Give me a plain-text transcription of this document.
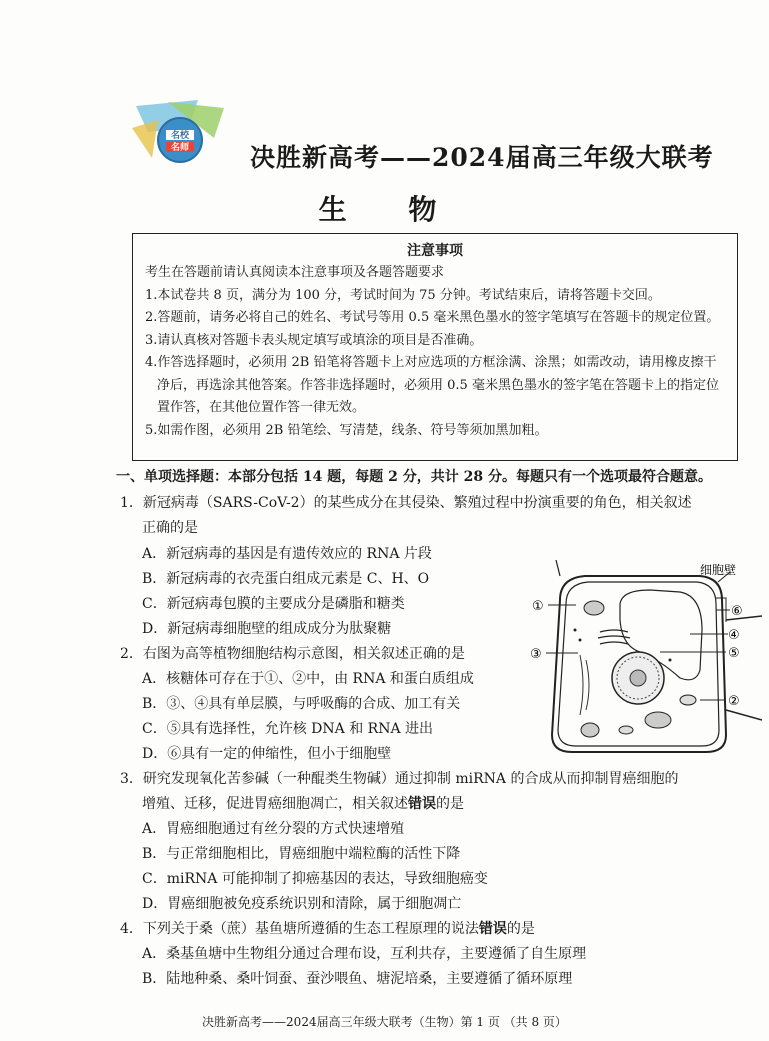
名校
名师 决胜新高考——2024届高三年级大联考
生 物
注意事项

考生在答题前请认真阅读本注意事项及各题答题要求

1.本试卷共 8 页，满分为 100 分，考试时间为 75 分钟。考试结束后，请将答题卡交回。

2.答题前，请务必将自己的姓名、考试号等用 0.5 毫米黑色墨水的签字笔填写在答题卡的规定位置。

3.请认真核对答题卡表头规定填写或填涂的项目是否准确。

4.作答选择题时，必须用 2B 铅笔将答题卡上对应选项的方框涂满、涂黑；如需改动，请用橡皮擦干净后，再选涂其他答案。作答非选择题时，必须用 0.5 毫米黑色墨水的签字笔在答题卡上的指定位置作答，在其他位置作答一律无效。

5.如需作图，必须用 2B 铅笔绘、写清楚，线条、符号等须加黑加粗。

一、单项选择题：本部分包括 14 题，每题 2 分，共计 28 分。每题只有一个选项最符合题意。
1．新冠病毒（SARS-CoV-2）的某些成分在其侵染、繁殖过程中扮演重要的角色，相关叙述
正确的是
A．新冠病毒的基因是有遗传效应的 RNA 片段
B．新冠病毒的衣壳蛋白组成元素是 C、H、O
C．新冠病毒包膜的主要成分是磷脂和糖类
D．新冠病毒细胞壁的组成成分为肽聚糖
2．右图为高等植物细胞结构示意图，相关叙述正确的是
A．核糖体可存在于①、②中，由 RNA 和蛋白质组成
B．③、④具有单层膜，与呼吸酶的合成、加工有关
C．⑤具有选择性，允许核 DNA 和 RNA 进出
D．⑥具有一定的伸缩性，但小于细胞壁
细胞壁
①
②
③
④
⑤
⑥
3．研究发现氧化苦参碱（一种醌类生物碱）通过抑制 miRNA 的合成从而抑制胃癌细胞的
增殖、迁移，促进胃癌细胞凋亡，相关叙述错误的是
A．胃癌细胞通过有丝分裂的方式快速增殖
B．与正常细胞相比，胃癌细胞中端粒酶的活性下降
C．miRNA 可能抑制了抑癌基因的表达，导致细胞癌变
D．胃癌细胞被免疫系统识别和清除，属于细胞凋亡
4．下列关于桑（蔗）基鱼塘所遵循的生态工程原理的说法错误的是
A．桑基鱼塘中生物组分通过合理布设，互利共存，主要遵循了自生原理
B．陆地种桑、桑叶饲蚕、蚕沙喂鱼、塘泥培桑，主要遵循了循环原理
决胜新高考——2024届高三年级大联考（生物）第 1 页 （共 8 页）
